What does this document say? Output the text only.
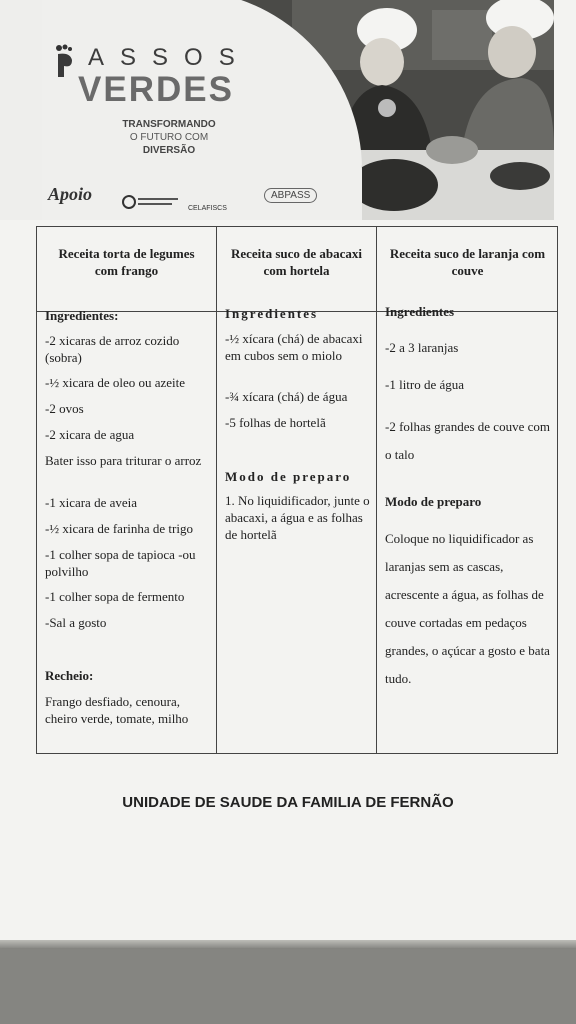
ASSOS
VERDES
TRANSFORMANDO
O FUTURO COM
DIVERSÃO
Apoio
CELAFISCS
ABPASS
Receita torta de legumes com frango
Ingredientes:
-2 xicaras de arroz cozido (sobra)
-½ xicara de oleo ou azeite
-2 ovos
-2 xicara de agua
Bater isso para triturar o arroz
-1 xicara de aveia
-½ xicara de farinha de trigo
-1 colher sopa de tapioca -ou polvilho
-1 colher sopa de fermento
-Sal a gosto
Recheio:
Frango desfiado, cenoura, cheiro verde, tomate, milho
Receita suco de abacaxi com hortela
Ingredientes
-½ xícara (chá) de abacaxi em cubos sem o miolo
-¾ xícara (chá) de água
-5 folhas de hortelã
Modo de preparo
1. No liquidificador, junte o abacaxi, a água e as folhas de hortelã
Receita suco de laranja com couve
Ingredientes
-2 a 3 laranjas
-1 litro de água
-2 folhas grandes de couve com o talo
Modo de preparo
Coloque no liquidificador as laranjas sem as cascas, acrescente a água, as folhas de couve cortadas em pedaços grandes, o açúcar a gosto e bata tudo.
UNIDADE DE SAUDE DA FAMILIA DE FERNÃO
